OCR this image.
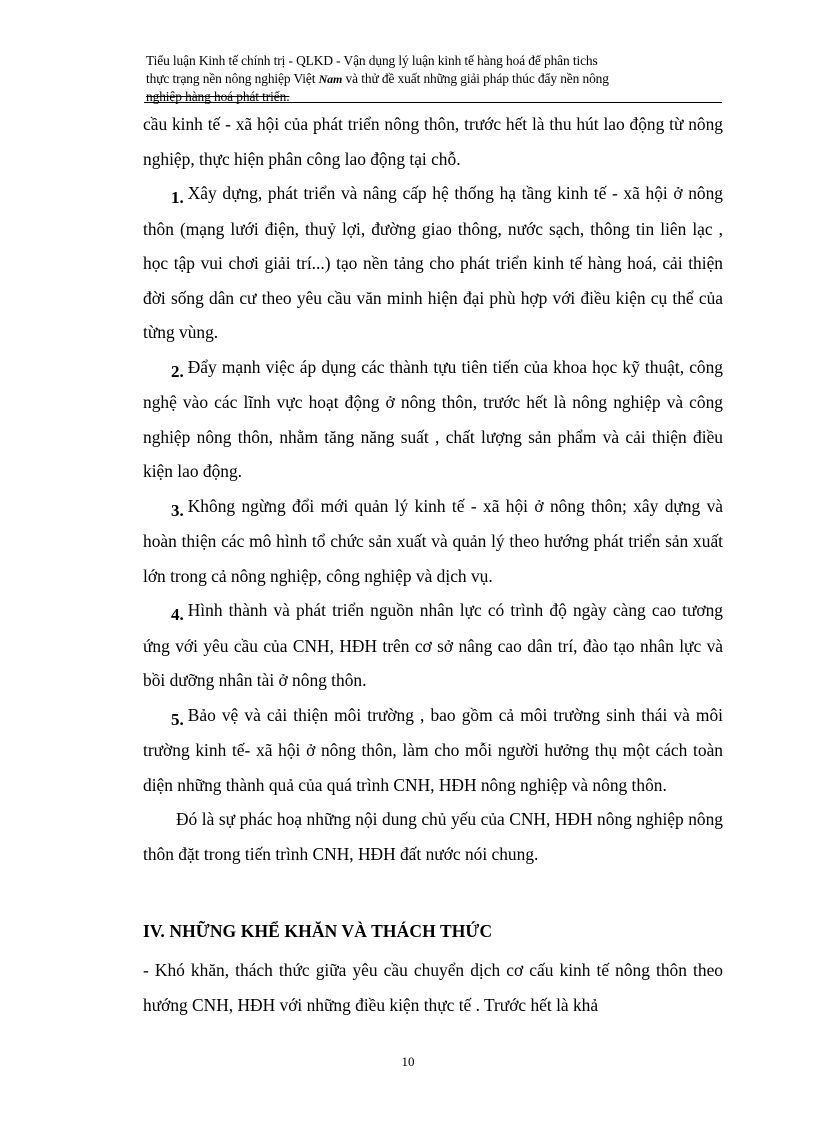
Tiểu luận Kinh tế chính trị - QLKD - Vận dụng lý luận kinh tế hàng hoá để phân tichs
thực trạng nền nông nghiệp Việt Nam và thử đề xuất những giải pháp thúc đẩy nền nông
nghiệp hàng hoá phát triển.

cầu kinh tế - xã hội của phát triển nông thôn, trước hết là thu hút lao động từ nông nghiệp, thực hiện phân công lao động tại chỗ.

1. Xây dựng, phát triển và nâng cấp hệ thống hạ tầng kinh tế - xã hội ở nông thôn (mạng lưới điện, thuỷ lợi, đường giao thông, nước sạch, thông tin liên lạc , học tập vui chơi giải trí...) tạo nền tảng cho phát triển kinh tế hàng hoá, cải thiện đời sống dân cư theo yêu cầu văn minh hiện đại phù hợp với điều kiện cụ thể của từng vùng.

2. Đẩy mạnh việc áp dụng các thành tựu tiên tiến của khoa học kỹ thuật, công nghệ vào các lĩnh vực hoạt động ở nông thôn, trước hết là nông nghiệp và công nghiệp nông thôn, nhằm tăng năng suất , chất lượng sản phẩm và cải thiện điều kiện lao động.

3. Không ngừng đổi mới quản lý kinh tế - xã hội ở nông thôn; xây dựng và hoàn thiện các mô hình tổ chức sản xuất và quản lý theo hướng phát triển sản xuất lớn trong cả nông nghiệp, công nghiệp và dịch vụ.

4. Hình thành và phát triển nguồn nhân lực có trình độ ngày càng cao tương ứng với yêu cầu của CNH, HĐH trên cơ sở nâng cao dân trí, đào tạo nhân lực và bồi dưỡng nhân tài ở nông thôn.

5. Bảo vệ và cải thiện môi trường , bao gồm cả môi trường sinh thái và môi trường kinh tế- xã hội ở nông thôn, làm cho mỗi người hưởng thụ một cách toàn diện những thành quả của quá trình CNH, HĐH nông nghiệp và nông thôn.

Đó là sự phác hoạ những nội dung chủ yếu của CNH, HĐH nông nghiệp nông thôn đặt trong tiến trình CNH, HĐH đất nước nói chung.

IV. NHỮNG KHỂ KHĂN VÀ THÁCH THỨC

- Khó khăn, thách thức giữa yêu cầu chuyển dịch cơ cấu kinh tế nông thôn theo hướng CNH, HĐH với những điều kiện thực tế . Trước hết là khả

10
